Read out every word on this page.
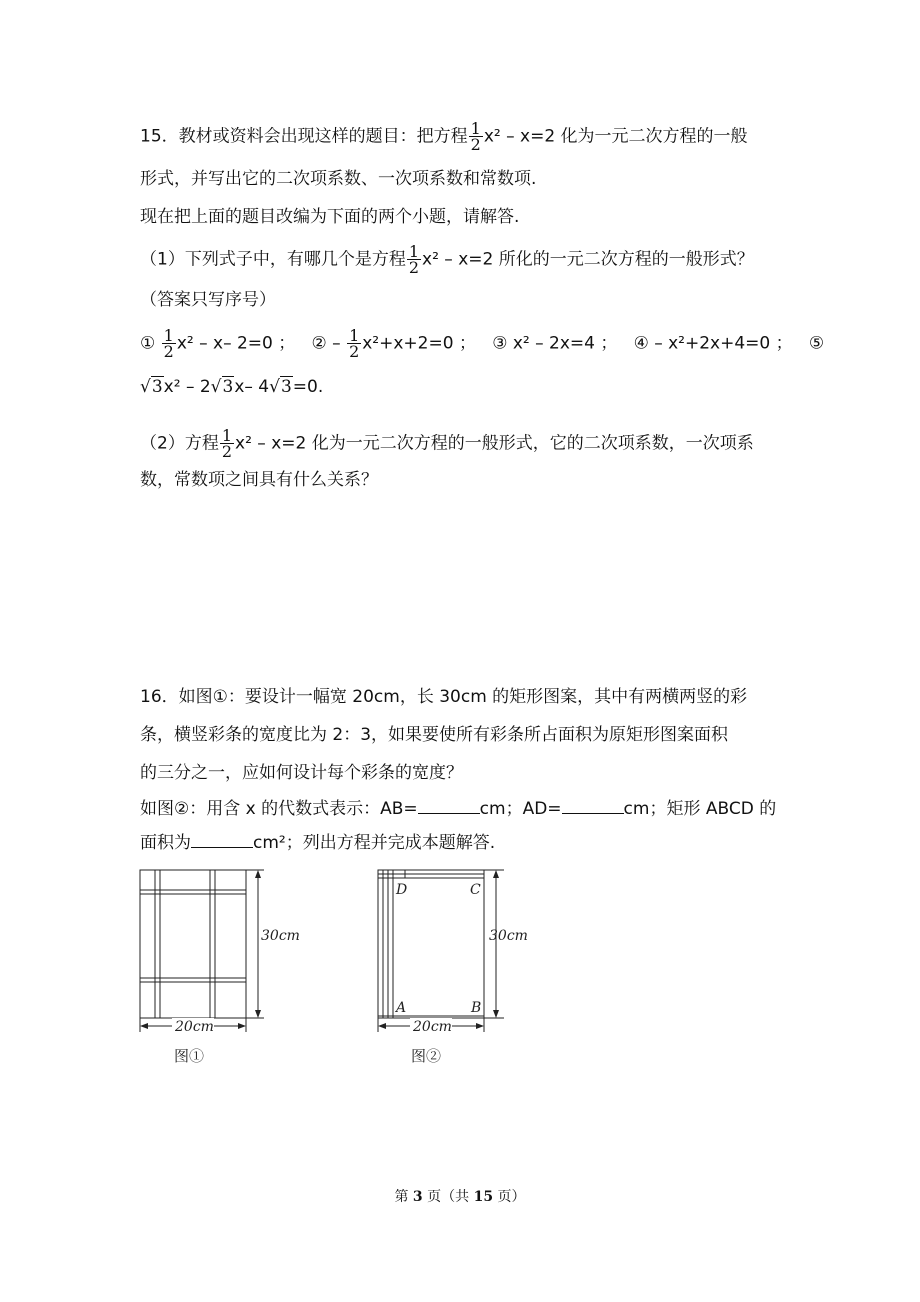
15．教材或资料会出现这样的题目：把方程 $\frac{1}{2} x^2 - x=2$ 化为一元二次方程的一般
形式，并写出它的二次项系数、一次项系数和常数项.
现在把上面的题目改编为下面的两个小题，请解答.
（1）下列式子中，有哪几个是方程 $\frac{1}{2} x^2 - x=2$ 所化的一元二次方程的一般形式？
（答案只写序号）
① $\frac{1}{2} x^2 - x-$ 2=0 ； ② – $\frac{1}{2} x^2+x+2=0$ ； ③ x² – 2x=4 ； ④ – x²+2x+4=0 ； ⑤
√3x² – 2√3x– 4√3=0.
（2）方程 $\frac{1}{2} x^2 - x=2$ 化为一元二次方程的一般形式，它的二次项系数，一次项系
数，常数项之间具有什么关系？
16．如图①：要设计一幅宽 20cm，长 30cm 的矩形图案，其中有两横两竖的彩
条，横竖彩条的宽度比为 2：3，如果要使所有彩条所占面积为原矩形图案面积
的三分之一，应如何设计每个彩条的宽度？
如图②：用含 x 的代数式表示：AB=	cm；AD=	cm；矩形 ABCD 的
面积为	cm²；列出方程并完成本题解答.
30cm
20cm
图①
D	C
A	B
30cm
20cm
图②
第 3 页（共 15 页）
